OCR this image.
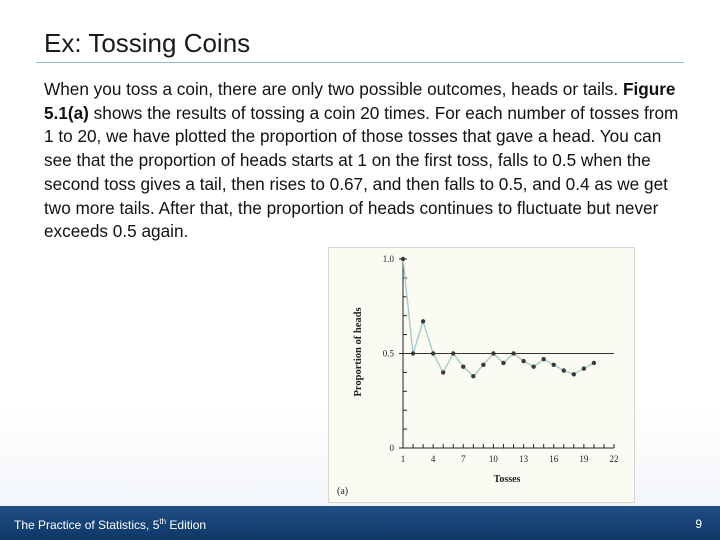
Ex: Tossing Coins
When you toss a coin, there are only two possible outcomes, heads or tails. Figure 5.1(a) shows the results of tossing a coin 20 times. For each number of tosses from 1 to 20, we have plotted the proportion of those tosses that gave a head. You can see that the proportion of heads starts at 1 on the first toss, falls to 0.5 when the second toss gives a tail, then rises to 0.67, and then falls to 0.5, and 0.4 as we get two more tails. After that, the proportion of heads continues to fluctuate but never exceeds 0.5 again.
0
0.5
1.0
1	4	7	10 13 16 19 22
Tosses
Proportion of heads
(a)
The Practice of Statistics, 5th Edition	9
